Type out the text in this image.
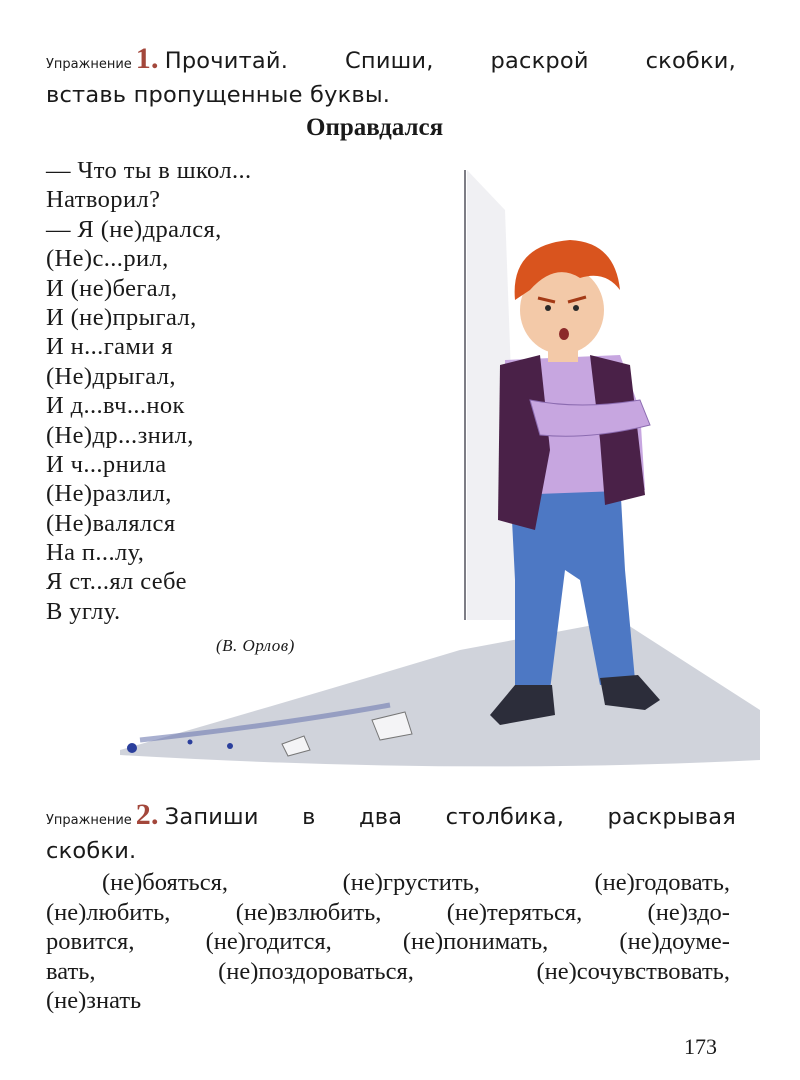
Упражнение 1. Прочитай.	Спиши,	раскрой	скобки,
вставь пропущенные буквы.
Оправдался
— Что ты в школ...
Натворил?
— Я (не)дрался,
(Не)с...рил,
И (не)бегал,
И (не)прыгал,
И н...гами я
(Не)дрыгал,
И д...вч...нок
(Не)др...знил,
И ч...рнила
(Не)разлил,
(Не)валялся
На п...лу,
Я ст...ял себе
В углу.
(В. Орлов)
Упражнение 2. Запиши в два столбика, раскрывая
скобки.
(не)бояться,	(не)грустить,	(не)годовать,
(не)любить,	(не)взлюбить,	(не)теряться,	(не)здо-
ровится,	(не)годится,	(не)понимать,	(не)доуме-
вать,	(не)поздороваться,	(не)сочувствовать,
(не)знать
173
